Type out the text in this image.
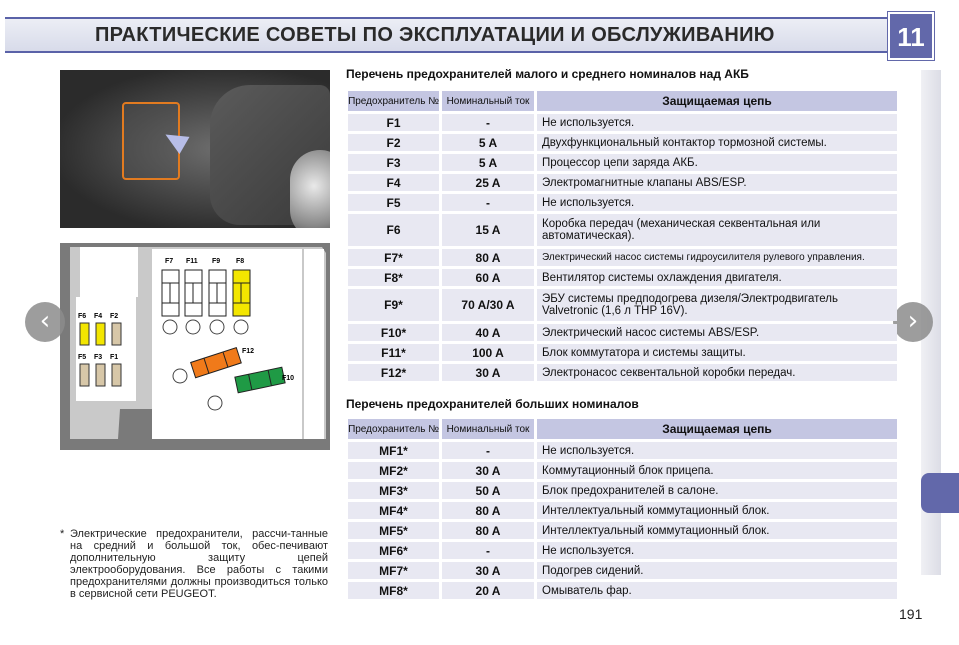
ПРАКТИЧЕСКИЕ СОВЕТЫ ПО ЭКСПЛУАТАЦИИ И ОБСЛУЖИВАНИЮ	11
F7 F11 F9 F8
F6 F4 F2
F5 F3 F1
F12
F10
‹	›
Перечень предохранителей малого и среднего номиналов над АКБ
Предохранитель №	Номинальный ток	Защищаемая цепь
F1	-	Не используется.
F2	5 A	Двухфункциональный контактор тормозной системы.
F3	5 A	Процессор цепи заряда АКБ.
F4	25 A	Электромагнитные клапаны ABS/ESP.
F5	-	Не используется.
F6	15 A	Коробка передач (механическая секвентальная или автоматическая).
F7*	80 A	Электрический насос системы гидроусилителя рулевого управления.
F8*	60 A	Вентилятор системы охлаждения двигателя.
F9*	70 A/30 A	ЭБУ системы предподогрева дизеля/Электродвигатель Valvetronic (1,6 л THP 16V).
F10*	40 A	Электрический насос системы ABS/ESP.
F11*	100 A	Блок коммутатора и системы защиты.
F12*	30 A	Электронасос секвентальной коробки передач.
Перечень предохранителей больших номиналов
Предохранитель №	Номинальный ток	Защищаемая цепь
MF1*	-	Не используется.
MF2*	30 A	Коммутационный блок прицепа.
MF3*	50 A	Блок предохранителей в салоне.
MF4*	80 A	Интеллектуальный коммутационный блок.
MF5*	80 A	Интеллектуальный коммутационный блок.
MF6*	-	Не используется.
MF7*	30 A	Подогрев сидений.
MF8*	20 A	Омыватель фар.
* Электрические предохранители, рассчи-танные на средний и большой ток, обес-печивают дополнительную защиту цепей электрооборудования. Все работы с такими предохранителями должны производиться только в сервисной сети PEUGEOT.
191
